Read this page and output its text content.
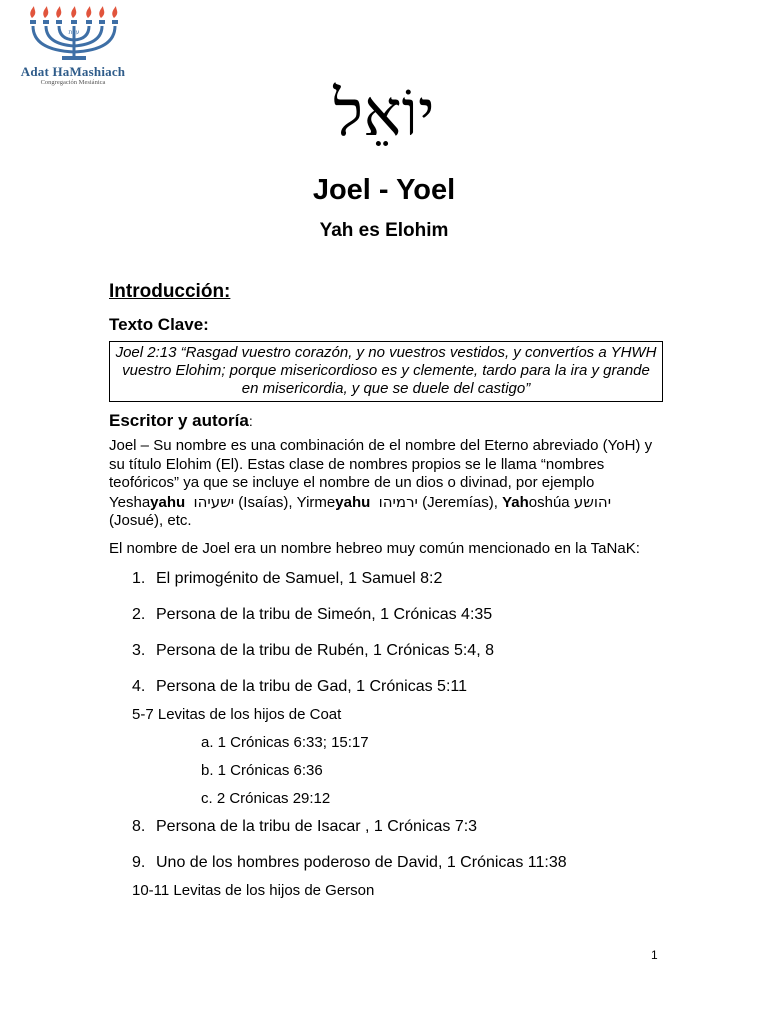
עדת
Adat HaMashiach
Congregación Mesiánica	יוֹאֵל
Joel - Yoel
Yah es Elohim
Introducción:
Texto Clave:
Joel 2:13 “Rasgad vuestro corazón, y no vuestros vestidos, y convertíos a YHWH vuestro Elohim; porque misericordioso es y clemente, tardo para la ira y grande en misericordia, y que se duele del castigo”
Escritor y autoría:

Joel – Su nombre es una combinación de el nombre del Eterno abreviado (YoH) y su título Elohim (El). Estas clase de nombres propios se le llama “nombres teofóricos” ya que se incluye el nombre de un dios o divinad, por ejemplo Yeshayahu ישעיהו (Isaías), Yirmeyahu ירמיהו (Jeremías), Yahoshúa יהושע (Josué), etc.

El nombre de Joel era un nombre hebreo muy común mencionado en la TaNaK:

1. El primogénito de Samuel, 1 Samuel 8:2
2. Persona de la tribu de Simeón, 1 Crónicas 4:35
3. Persona de la tribu de Rubén, 1 Crónicas 5:4, 8
4. Persona de la tribu de Gad, 1 Crónicas 5:11
5-7 Levitas de los hijos de Coat
a. 1 Crónicas 6:33; 15:17
b. 1 Crónicas 6:36
c. 2 Crónicas 29:12
8. Persona de la tribu de Isacar , 1 Crónicas 7:3
9. Uno de los hombres poderoso de David, 1 Crónicas 11:38
10-11 Levitas de los hijos de Gerson
1
